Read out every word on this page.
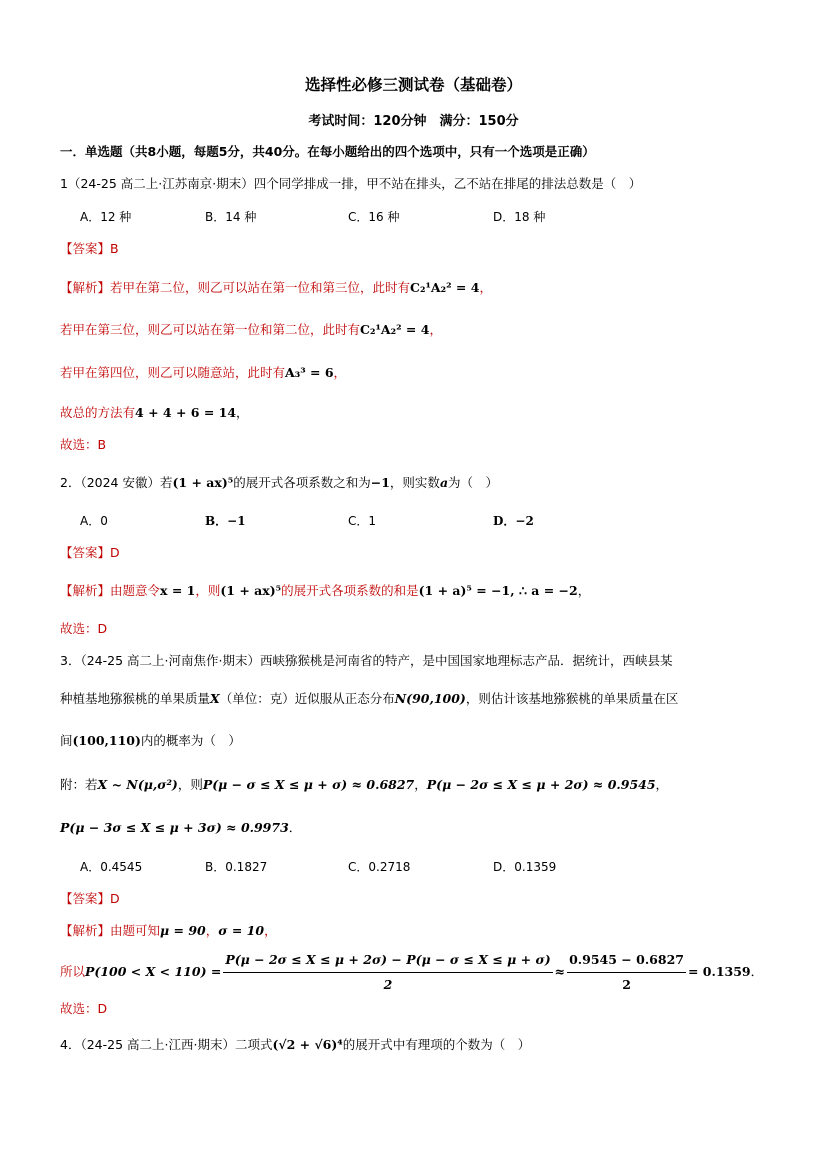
选择性必修三测试卷（基础卷）
考试时间：120分钟　满分：150分
一．单选题（共8小题，每题5分，共40分。在每小题给出的四个选项中，只有一个选项是正确）
1（24-25 高二上·江苏南京·期末）四个同学排成一排，甲不站在排头，乙不站在排尾的排法总数是（　）
A．12 种	B．14 种	C．16 种	D．18 种
【答案】B
【解析】若甲在第二位，则乙可以站在第一位和第三位，此时有C₂¹A₂² = 4，
若甲在第三位，则乙可以站在第一位和第二位，此时有C₂¹A₂² = 4，
若甲在第四位，则乙可以随意站，此时有A₃³ = 6，
故总的方法有4 + 4 + 6 = 14，
故选：B
2．（2024 安徽）若(1 + ax)⁵的展开式各项系数之和为−1，则实数a为（　）
A．0	B．−1	C．1	D．−2
【答案】D
【解析】由题意令x = 1，则(1 + ax)⁵的展开式各项系数的和是(1 + a)⁵ = −1, ∴ a = −2，
故选：D
3．（24-25 高二上·河南焦作·期末）西峡猕猴桃是河南省的特产，是中国国家地理标志产品．据统计，西峡县某
种植基地猕猴桃的单果质量X（单位：克）近似服从正态分布N(90,100)，则估计该基地猕猴桃的单果质量在区
间(100,110)内的概率为（　）
附：若X ~ N(μ,σ²)，则P(μ − σ ≤ X ≤ μ + σ) ≈ 0.6827，P(μ − 2σ ≤ X ≤ μ + 2σ) ≈ 0.9545，
P(μ − 3σ ≤ X ≤ μ + 3σ) ≈ 0.9973．
A．0.4545	B．0.1827	C．0.2718	D．0.1359
【答案】D
【解析】由题可知μ = 90，σ = 10，
所以$P(100 < X < 110) = \frac{P(\mu - 2\sigma \le X \le \mu + 2\sigma) - P(\mu - \sigma \le X \le \mu + \sigma)}{2} \approx \frac{0.9545 - 0.6827}{2} = 0.1359$．
故选：D
4．（24-25 高二上·江西·期末）二项式(√2 + √6)⁴的展开式中有理项的个数为（　）
